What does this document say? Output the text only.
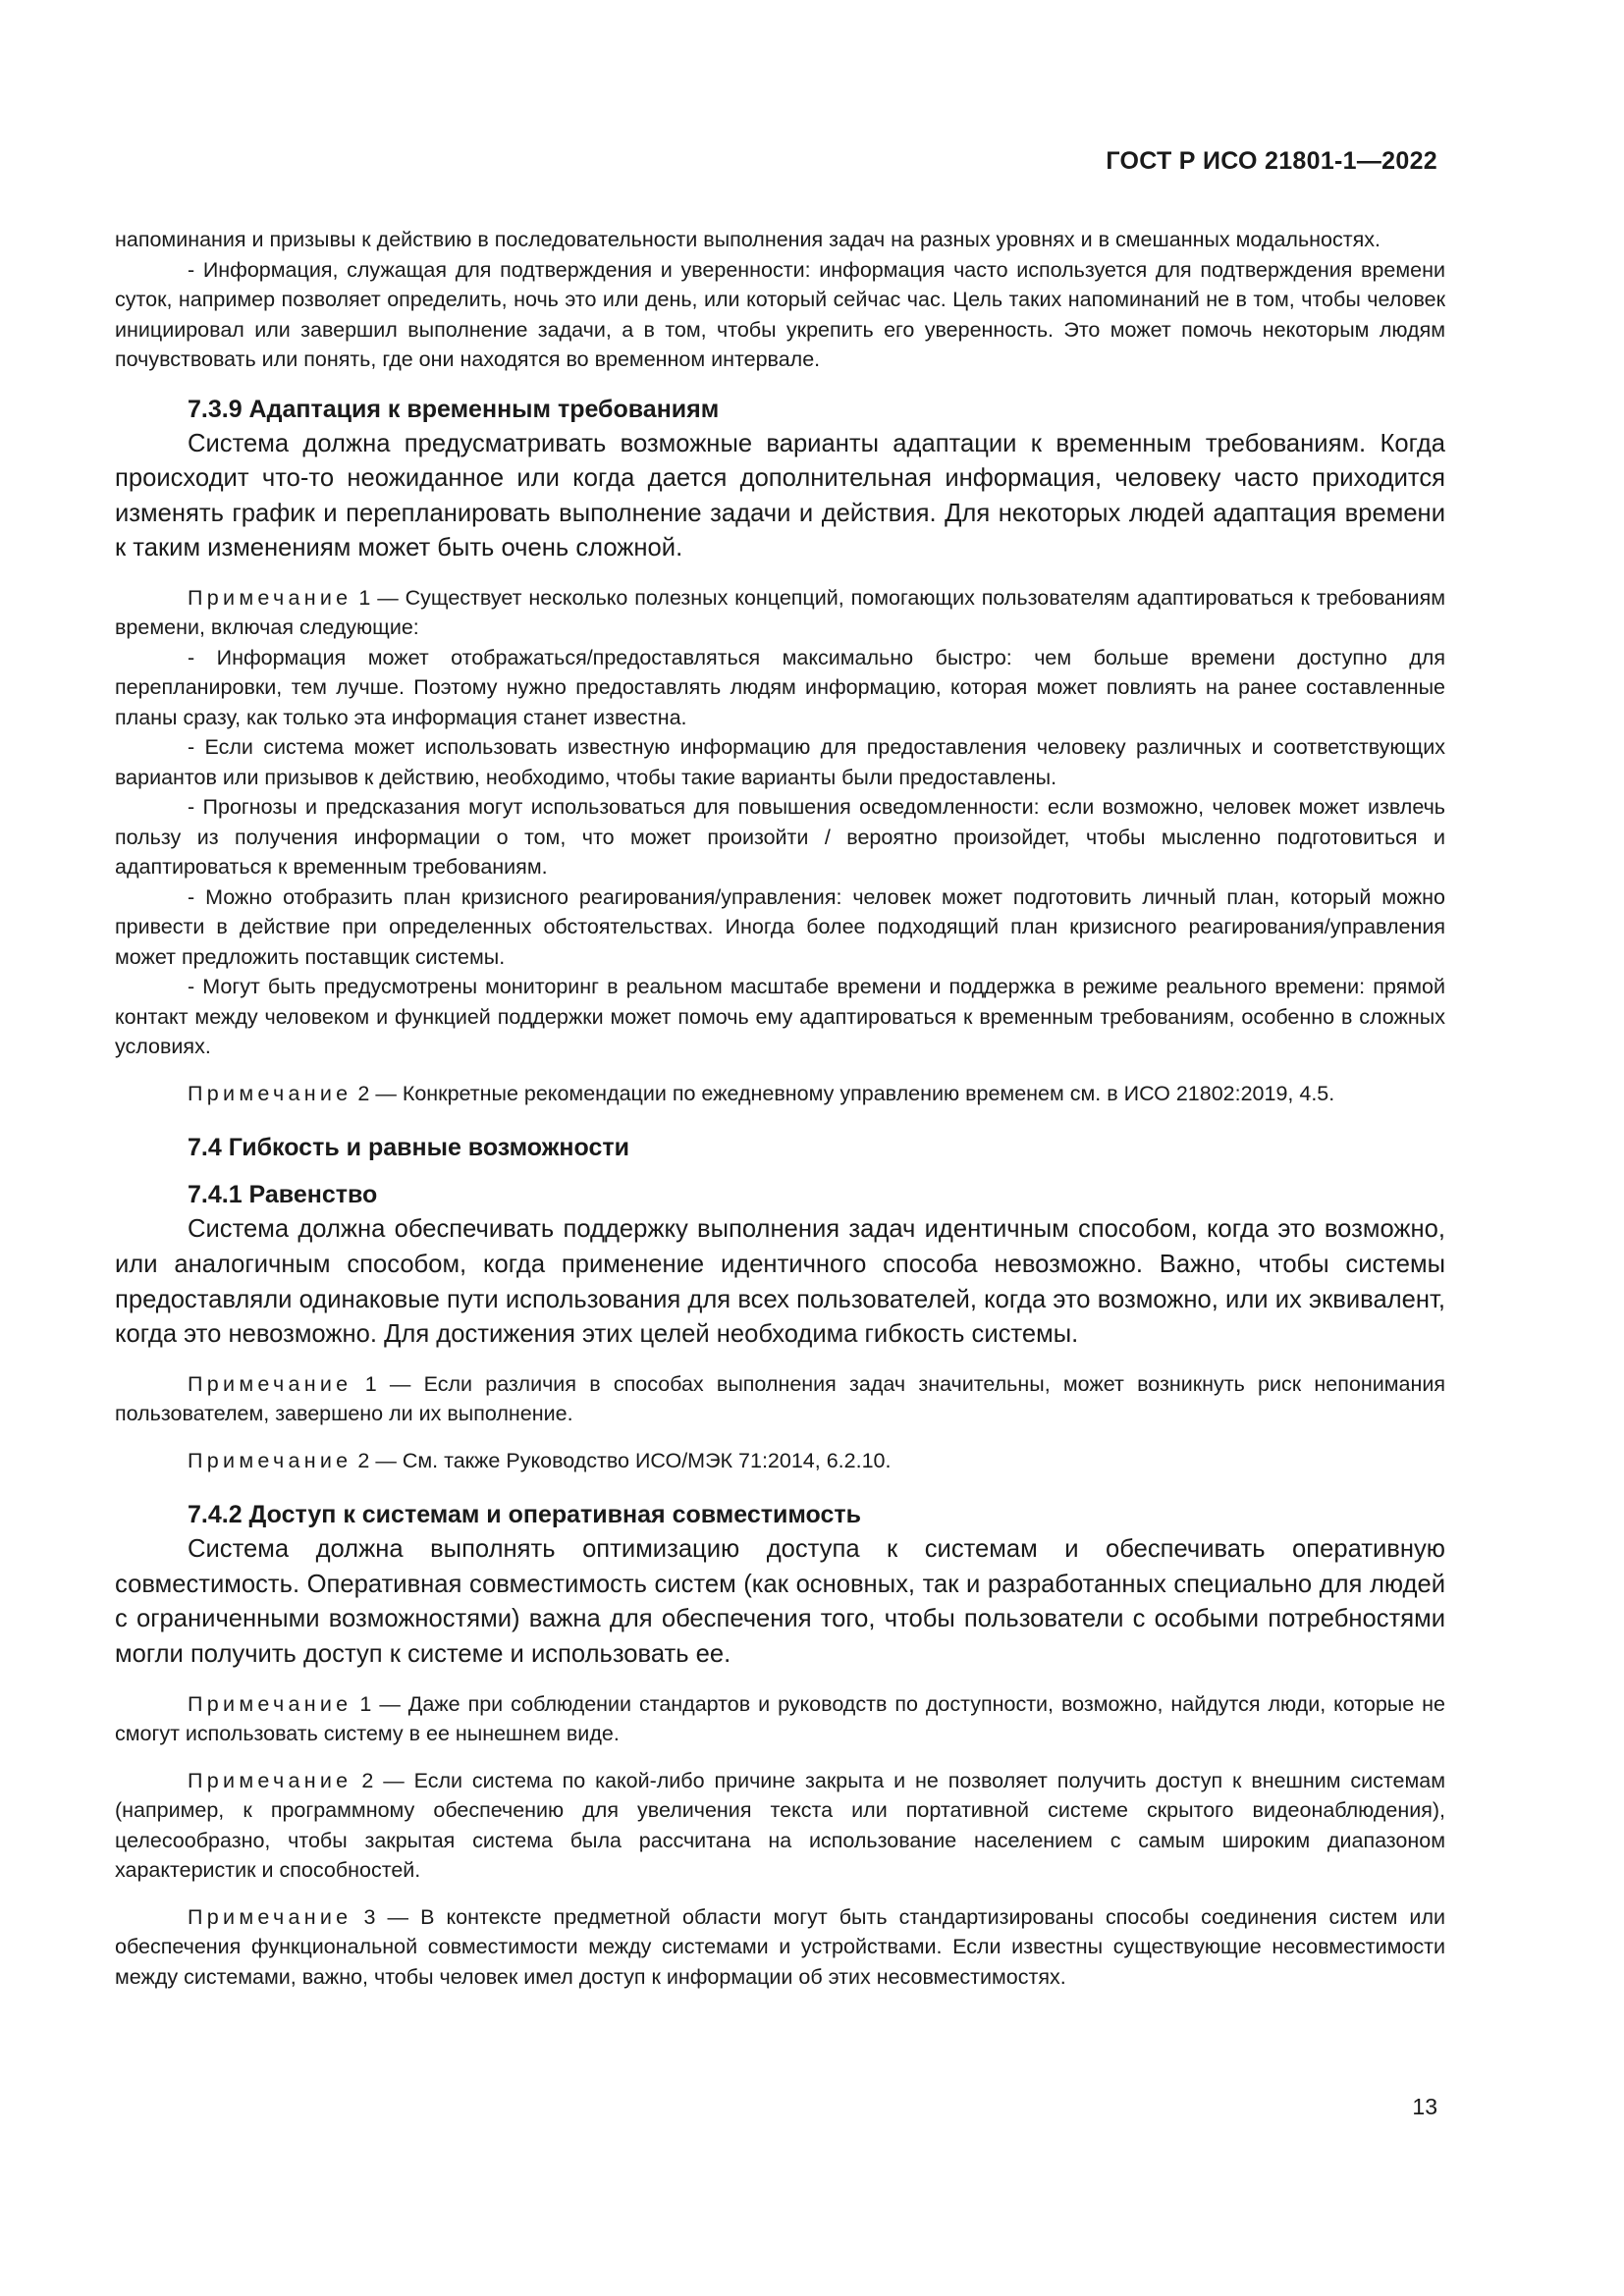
ГОСТ Р ИСО 21801-1—2022

напоминания и призывы к действию в последовательности выполнения задач на разных уровнях и в смешанных модальностях.

- Информация, служащая для подтверждения и уверенности: информация часто используется для подтверждения времени суток, например позволяет определить, ночь это или день, или который сейчас час. Цель таких напоминаний не в том, чтобы человек инициировал или завершил выполнение задачи, а в том, чтобы укрепить его уверенность. Это может помочь некоторым людям почувствовать или понять, где они находятся во временном интервале.

7.3.9 Адаптация к временным требованиям

Система должна предусматривать возможные варианты адаптации к временным требованиям. Когда происходит что-то неожиданное или когда дается дополнительная информация, человеку часто приходится изменять график и перепланировать выполнение задачи и действия. Для некоторых людей адаптация времени к таким изменениям может быть очень сложной.

Примечание 1 — Существует несколько полезных концепций, помогающих пользователям адаптироваться к требованиям времени, включая следующие:

- Информация может отображаться/предоставляться максимально быстро: чем больше времени доступно для перепланировки, тем лучше. Поэтому нужно предоставлять людям информацию, которая может повлиять на ранее составленные планы сразу, как только эта информация станет известна.

- Если система может использовать известную информацию для предоставления человеку различных и соответствующих вариантов или призывов к действию, необходимо, чтобы такие варианты были предоставлены.

- Прогнозы и предсказания могут использоваться для повышения осведомленности: если возможно, человек может извлечь пользу из получения информации о том, что может произойти / вероятно произойдет, чтобы мысленно подготовиться и адаптироваться к временным требованиям.

- Можно отобразить план кризисного реагирования/управления: человек может подготовить личный план, который можно привести в действие при определенных обстоятельствах. Иногда более подходящий план кризисного реагирования/управления может предложить поставщик системы.

- Могут быть предусмотрены мониторинг в реальном масштабе времени и поддержка в режиме реального времени: прямой контакт между человеком и функцией поддержки может помочь ему адаптироваться к временным требованиям, особенно в сложных условиях.

Примечание 2 — Конкретные рекомендации по ежедневному управлению временем см. в ИСО 21802:2019, 4.5.

7.4 Гибкость и равные возможности
7.4.1 Равенство

Система должна обеспечивать поддержку выполнения задач идентичным способом, когда это возможно, или аналогичным способом, когда применение идентичного способа невозможно. Важно, чтобы системы предоставляли одинаковые пути использования для всех пользователей, когда это возможно, или их эквивалент, когда это невозможно. Для достижения этих целей необходима гибкость системы.

Примечание 1 — Если различия в способах выполнения задач значительны, может возникнуть риск непонимания пользователем, завершено ли их выполнение.

Примечание 2 — См. также Руководство ИСО/МЭК 71:2014, 6.2.10.

7.4.2 Доступ к системам и оперативная совместимость

Система должна выполнять оптимизацию доступа к системам и обеспечивать оперативную совместимость. Оперативная совместимость систем (как основных, так и разработанных специально для людей с ограниченными возможностями) важна для обеспечения того, чтобы пользователи с особыми потребностями могли получить доступ к системе и использовать ее.

Примечание 1 — Даже при соблюдении стандартов и руководств по доступности, возможно, найдутся люди, которые не смогут использовать систему в ее нынешнем виде.

Примечание 2 — Если система по какой-либо причине закрыта и не позволяет получить доступ к внешним системам (например, к программному обеспечению для увеличения текста или портативной системе скрытого видеонаблюдения), целесообразно, чтобы закрытая система была рассчитана на использование населением с самым широким диапазоном характеристик и способностей.

Примечание 3 — В контексте предметной области могут быть стандартизированы способы соединения систем или обеспечения функциональной совместимости между системами и устройствами. Если известны существующие несовместимости между системами, важно, чтобы человек имел доступ к информации об этих несовместимостях.

13
